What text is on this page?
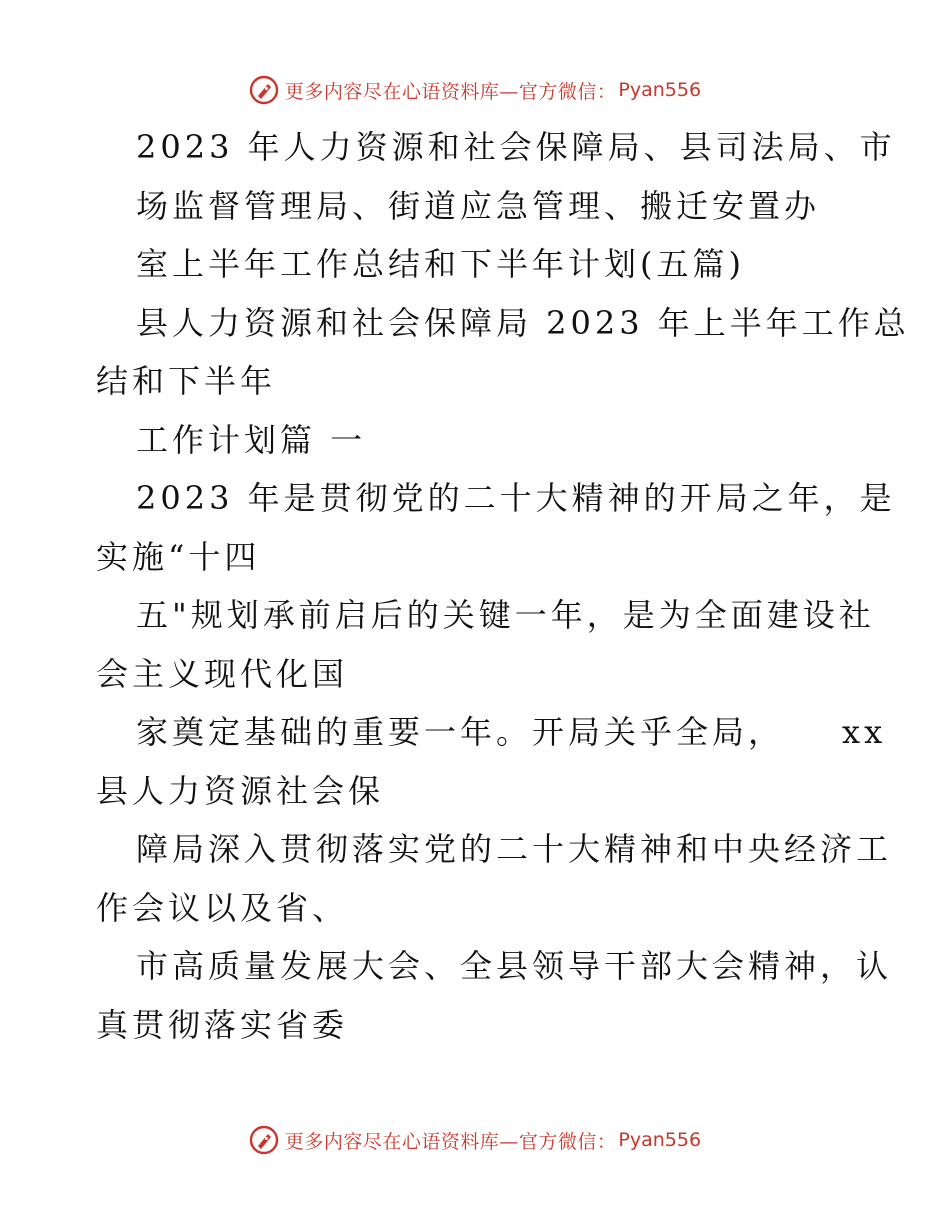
更多内容尽在心语资料库—官方微信： Pyan556
2023 年人力资源和社会保障局、县司法局、市
场监督管理局、街道应急管理、搬迁安置办
室上半年工作总结和下半年计划(五篇)
县人力资源和社会保障局 2023 年上半年工作总
结和下半年
工作计划篇 一
2023 年是贯彻党的二十大精神的开局之年，是
实施“十四
五"规划承前启后的关键一年，是为全面建设社
会主义现代化国
家奠定基础的重要一年。开局关乎全局， xx
县人力资源社会保
障局深入贯彻落实党的二十大精神和中央经济工
作会议以及省、
市高质量发展大会、全县领导干部大会精神，认
真贯彻落实省委
更多内容尽在心语资料库—官方微信： Pyan556
